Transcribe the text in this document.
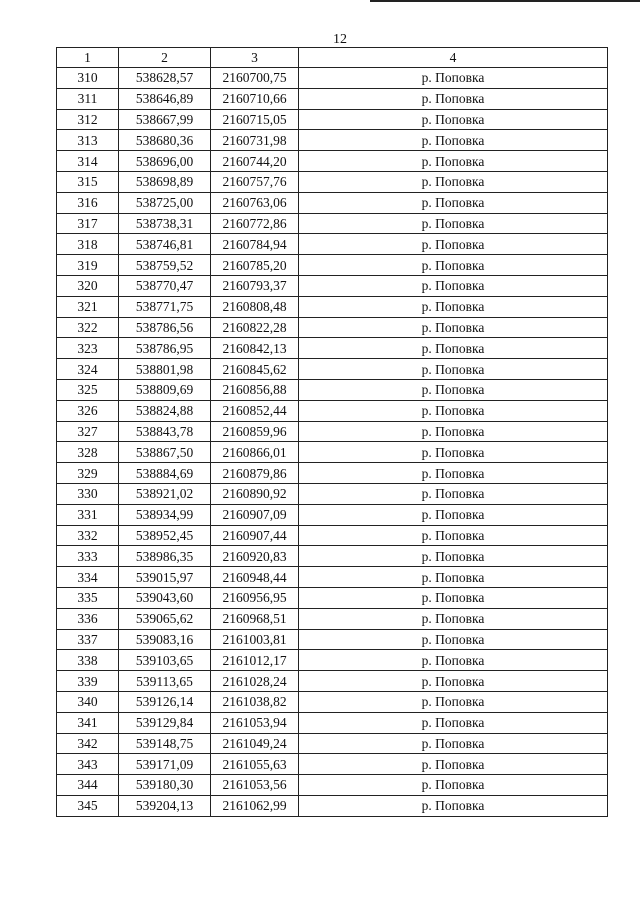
12
1	2	3	4
310	538628,57	2160700,75	р. Поповка
311	538646,89	2160710,66	р. Поповка
312	538667,99	2160715,05	р. Поповка
313	538680,36	2160731,98	р. Поповка
314	538696,00	2160744,20	р. Поповка
315	538698,89	2160757,76	р. Поповка
316	538725,00	2160763,06	р. Поповка
317	538738,31	2160772,86	р. Поповка
318	538746,81	2160784,94	р. Поповка
319	538759,52	2160785,20	р. Поповка
320	538770,47	2160793,37	р. Поповка
321	538771,75	2160808,48	р. Поповка
322	538786,56	2160822,28	р. Поповка
323	538786,95	2160842,13	р. Поповка
324	538801,98	2160845,62	р. Поповка
325	538809,69	2160856,88	р. Поповка
326	538824,88	2160852,44	р. Поповка
327	538843,78	2160859,96	р. Поповка
328	538867,50	2160866,01	р. Поповка
329	538884,69	2160879,86	р. Поповка
330	538921,02	2160890,92	р. Поповка
331	538934,99	2160907,09	р. Поповка
332	538952,45	2160907,44	р. Поповка
333	538986,35	2160920,83	р. Поповка
334	539015,97	2160948,44	р. Поповка
335	539043,60	2160956,95	р. Поповка
336	539065,62	2160968,51	р. Поповка
337	539083,16	2161003,81	р. Поповка
338	539103,65	2161012,17	р. Поповка
339	539113,65	2161028,24	р. Поповка
340	539126,14	2161038,82	р. Поповка
341	539129,84	2161053,94	р. Поповка
342	539148,75	2161049,24	р. Поповка
343	539171,09	2161055,63	р. Поповка
344	539180,30	2161053,56	р. Поповка
345	539204,13	2161062,99	р. Поповка
